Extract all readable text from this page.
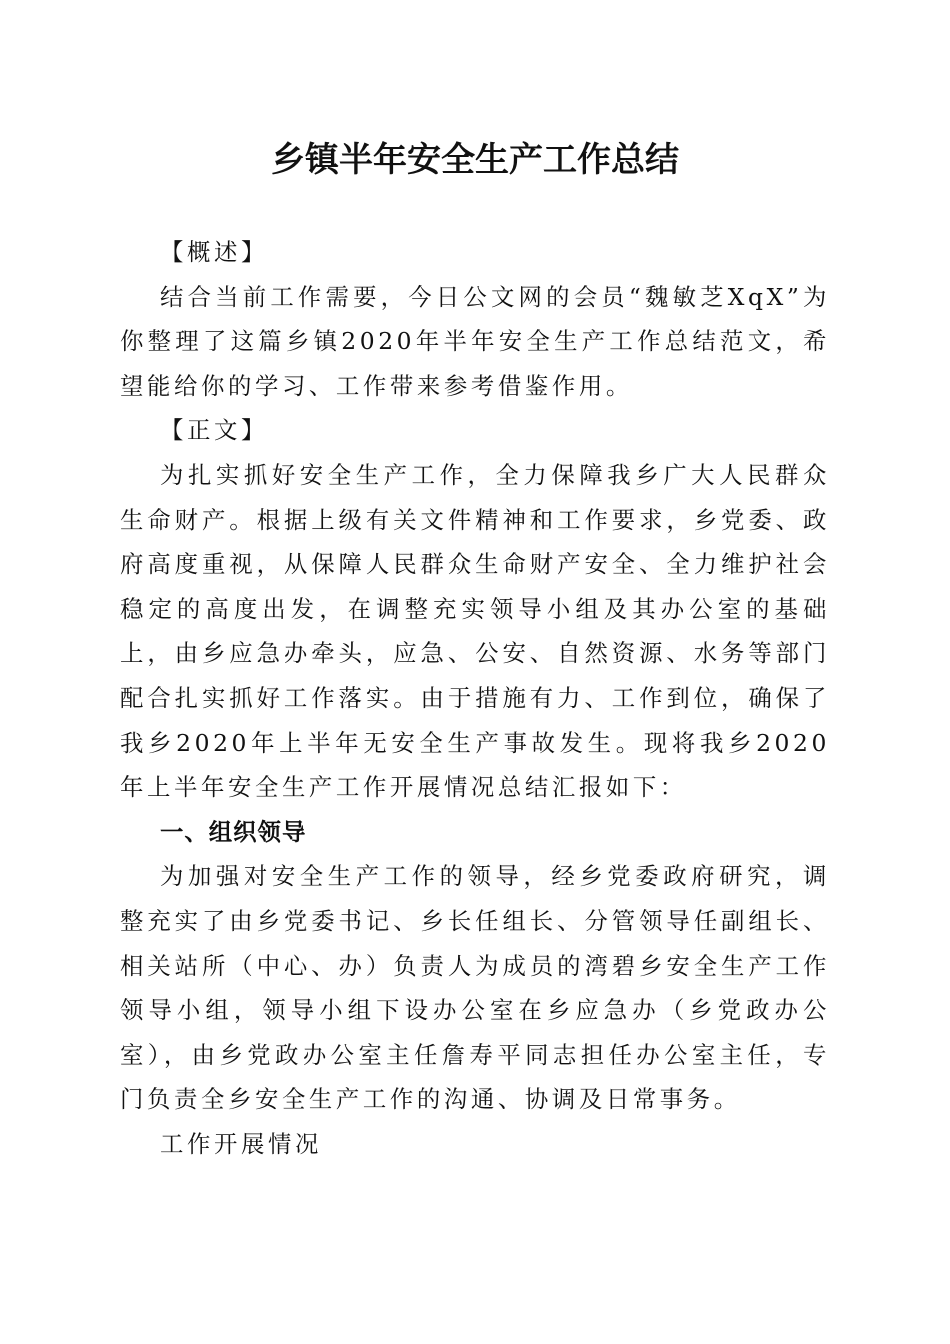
乡镇半年安全生产工作总结

【概述】

结合当前工作需要，今日公文网的会员“魏敏芝XqX”为你整理了这篇乡镇2020年半年安全生产工作总结范文，希望能给你的学习、工作带来参考借鉴作用。

【正文】

为扎实抓好安全生产工作，全力保障我乡广大人民群众生命财产。根据上级有关文件精神和工作要求，乡党委、政府高度重视，从保障人民群众生命财产安全、全力维护社会稳定的高度出发，在调整充实领导小组及其办公室的基础上，由乡应急办牵头，应急、公安、自然资源、水务等部门配合扎实抓好工作落实。由于措施有力、工作到位，确保了我乡2020年上半年无安全生产事故发生。现将我乡2020年上半年安全生产工作开展情况总结汇报如下：

一、组织领导

为加强对安全生产工作的领导，经乡党委政府研究，调整充实了由乡党委书记、乡长任组长、分管领导任副组长、相关站所（中心、办）负责人为成员的湾碧乡安全生产工作领导小组，领导小组下设办公室在乡应急办（乡党政办公室），由乡党政办公室主任詹寿平同志担任办公室主任，专门负责全乡安全生产工作的沟通、协调及日常事务。

工作开展情况
